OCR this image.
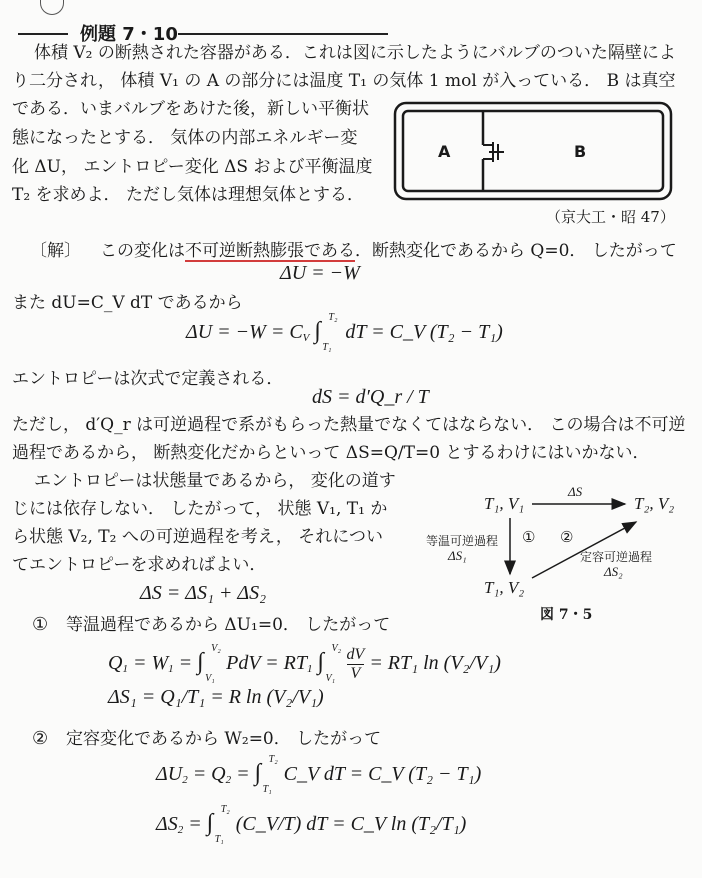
例題 7・10
体積 V₂ の断熱された容器がある．これは図に示したようにバルブのついた隔壁によ
り二分され， 体積 V₁ の A の部分には温度 T₁ の気体 1 mol が入っている． B は真空
である．いまバルブをあけた後，新しい平衡状
態になったとする． 気体の内部エネルギー変
化 ΔU， エントロピー変化 ΔS および平衡温度
T₂ を求めよ． ただし気体は理想気体とする．
A	B
（京大工・昭 47）
〔解〕 この変化は不可逆断熱膨張である．断熱変化であるから Q=0． したがって
ΔU = −W
また dU=C_V dT であるから
$\Delta U = -W = C_V$ ∫
T₂
T₁
dT = C_V (T₂ − T₁)
エントロピーは次式で定義される．
dS = d′Q_r / T
ただし， d′Q_r は可逆過程で系がもらった熱量でなくてはならない． この場合は不可逆
過程であるから， 断熱変化だからといって ΔS=Q/T=0 とするわけにはいかない．
エントロピーは状態量であるから， 変化の道す
じには依存しない． したがって， 状態 V₁, T₁ か
ら状態 V₂, T₂ への可逆過程を考え， それについ
てエントロピーを求めればよい．
ΔS = ΔS₁ + ΔS₂
T₁, V₁	T₂, V₂
T₁, V₂
ΔS
等温可逆過程
ΔS₁
① ②
定容可逆過程
ΔS₂
図 7・5
① 等温過程であるから ΔU₁=0． したがって
$Q_1 = W_1$ = ∫
V₂
V₁
PdV = $RT_1$ ∫
V₂
V₁
$\frac{dV}{V} = RT_1$ ln (V₂/V₁)
ΔS₁ = Q₁/T₁ = R ln (V₂/V₁)
② 定容変化であるから W₂=0． したがって
$\Delta U_2 = Q_2$ = ∫
T₂
T₁
C_V dT = C_V (T₂ − T₁)
$\Delta S_2$ = ∫
T₂
T₁
(C_V/T) dT = C_V ln (T₂/T₁)
